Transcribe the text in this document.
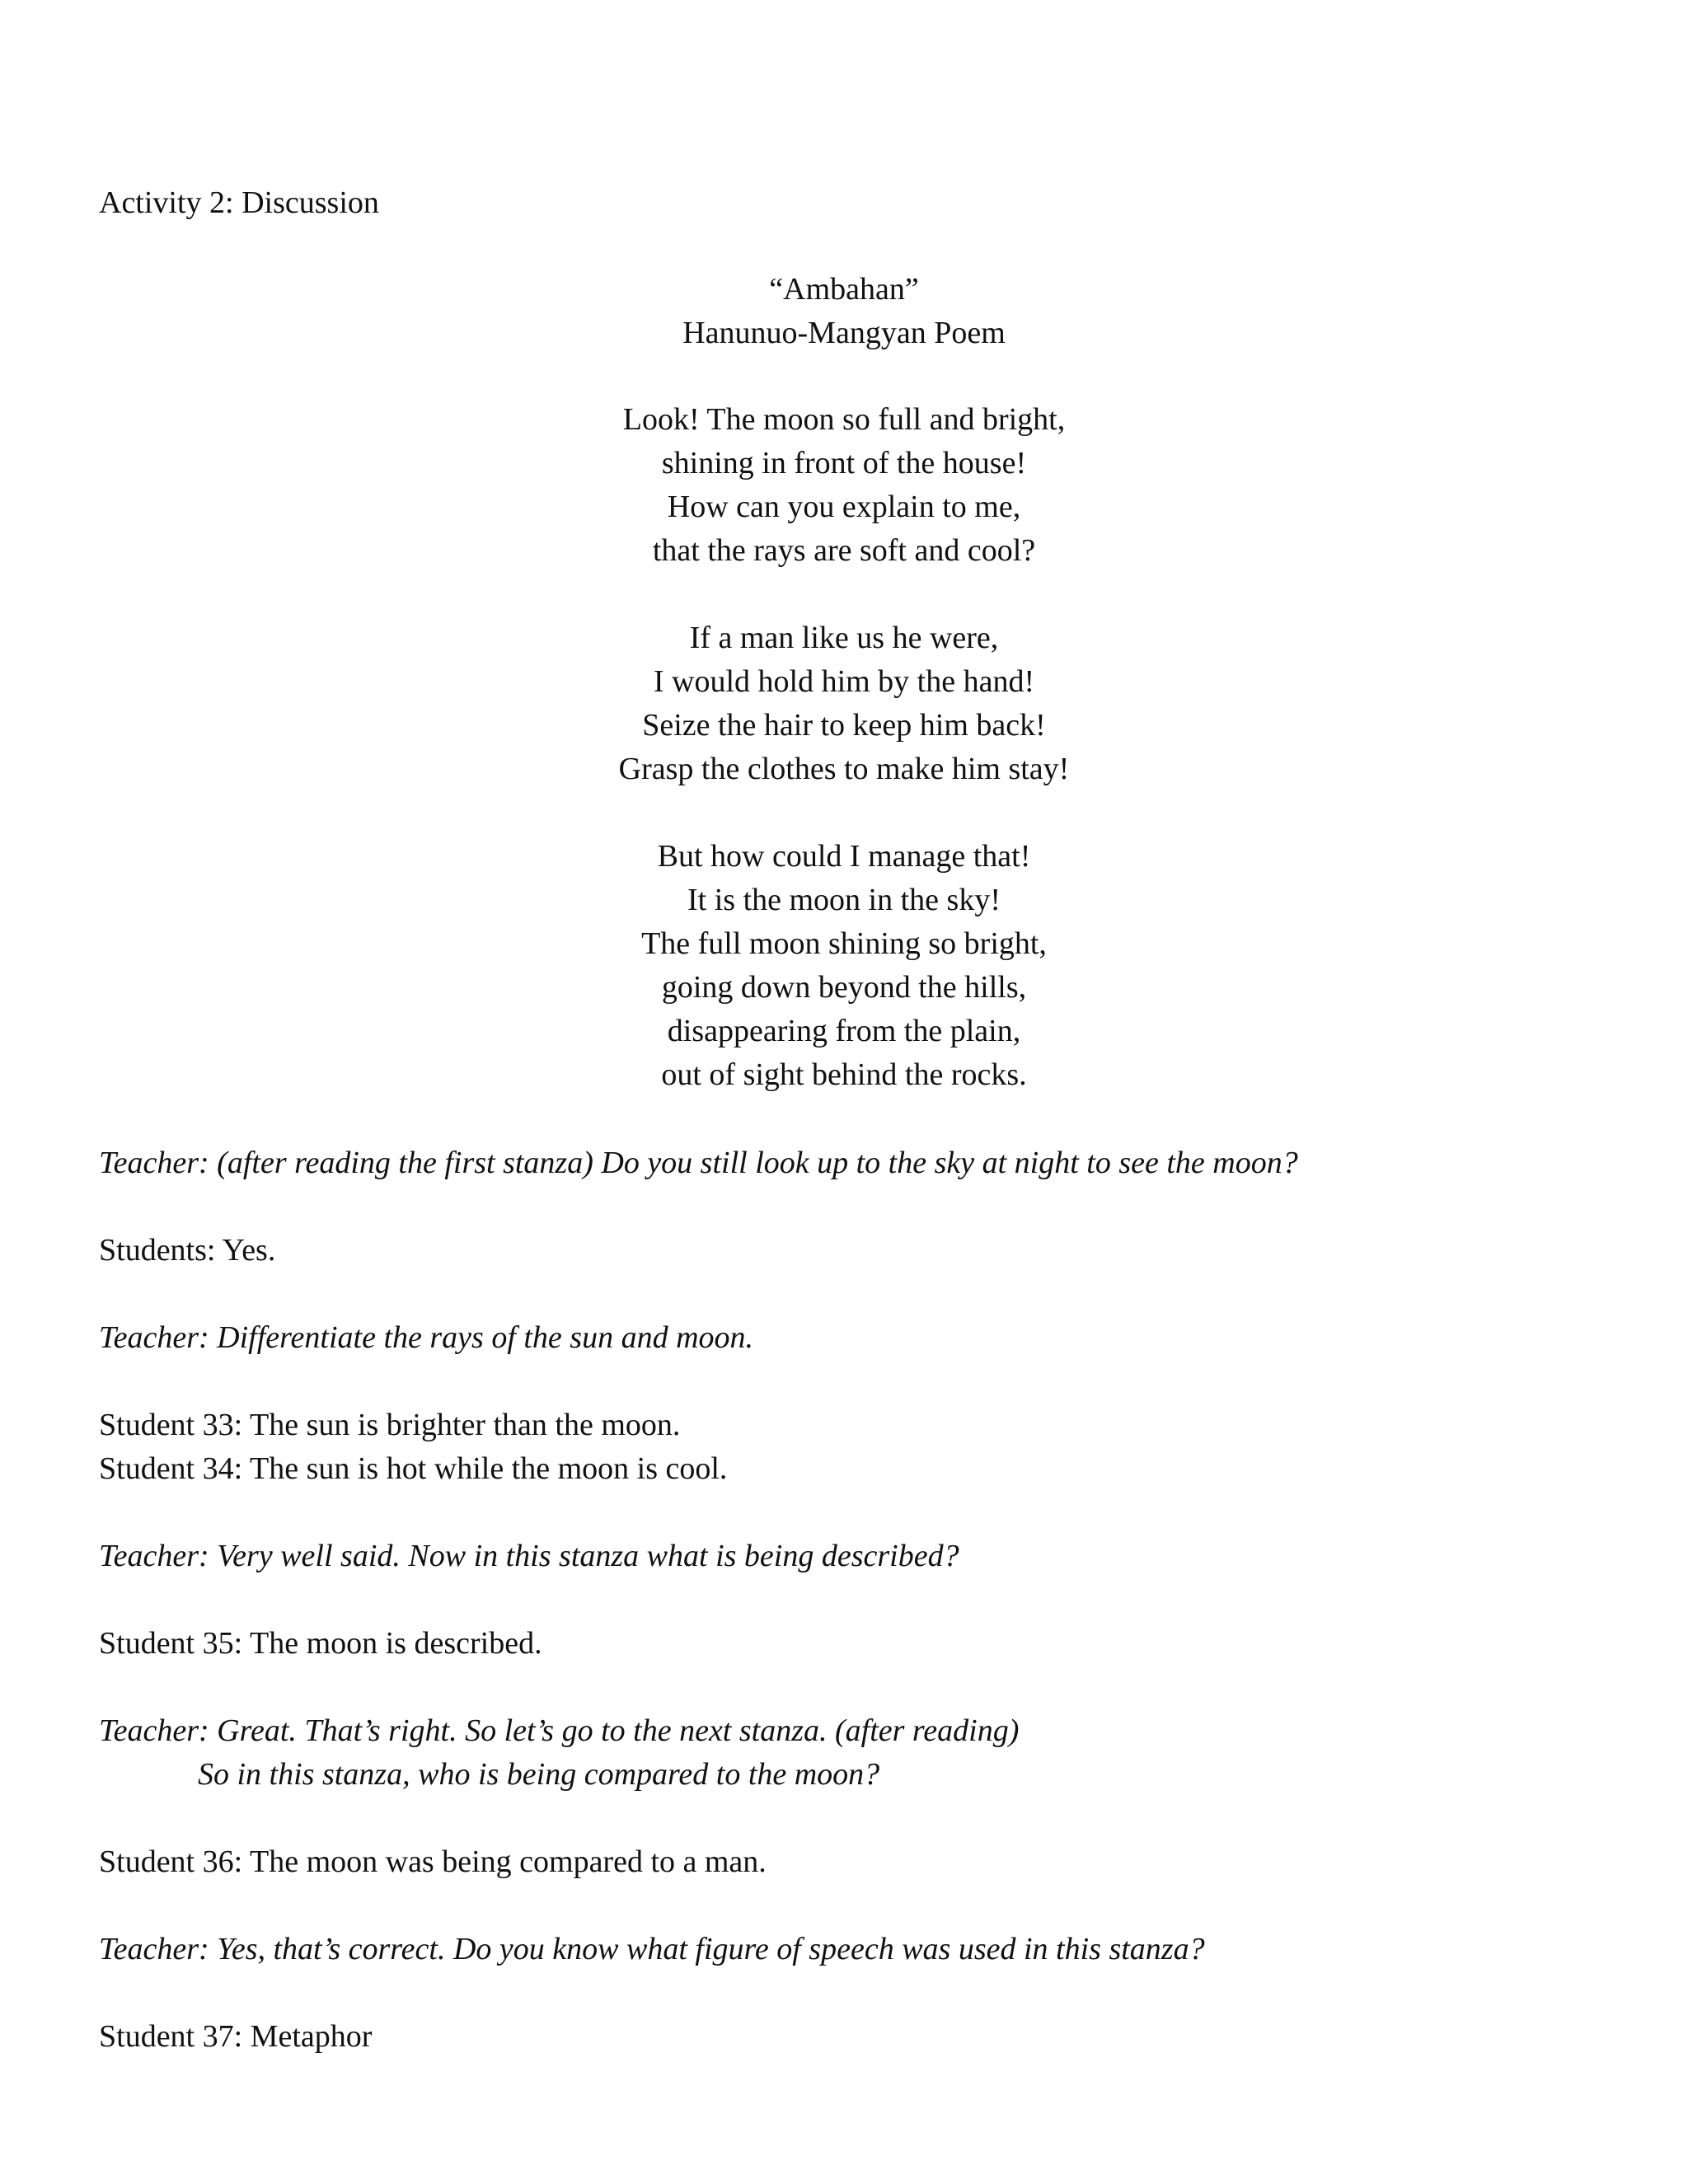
Activity 2: Discussion
“Ambahan”
Hanunuo-Mangyan Poem
Look! The moon so full and bright,
shining in front of the house!
How can you explain to me,
that the rays are soft and cool?
If a man like us he were,
I would hold him by the hand!
Seize the hair to keep him back!
Grasp the clothes to make him stay!
But how could I manage that!
It is the moon in the sky!
The full moon shining so bright,
going down beyond the hills,
disappearing from the plain,
out of sight behind the rocks.
Teacher: (after reading the first stanza) Do you still look up to the sky at night to see the moon?
Students: Yes.
Teacher: Differentiate the rays of the sun and moon.
Student 33: The sun is brighter than the moon.
Student 34: The sun is hot while the moon is cool.
Teacher: Very well said. Now in this stanza what is being described?
Student 35: The moon is described.
Teacher: Great. That’s right. So let’s go to the next stanza. (after reading)
So in this stanza, who is being compared to the moon?
Student 36: The moon was being compared to a man.
Teacher: Yes, that’s correct. Do you know what figure of speech was used in this stanza?
Student 37: Metaphor
